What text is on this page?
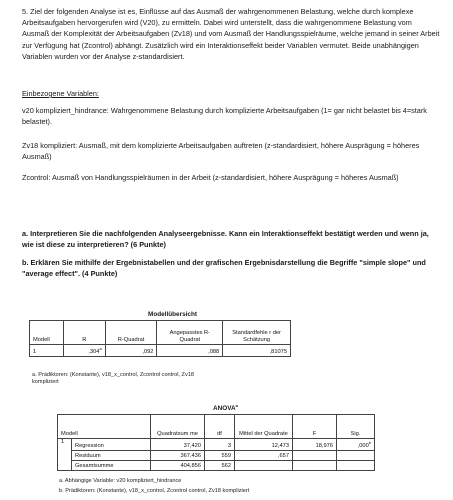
5. Ziel der folgenden Analyse ist es, Einflüsse auf das Ausmaß der wahrgenommenen Belastung, welche durch komplexe Arbeitsaufgaben hervorgerufen wird (V20), zu ermitteln. Dabei wird unterstellt, dass die wahrgenommene Belastung vom Ausmaß der Komplexität der Arbeitsaufgaben (Zv18) und vom Ausmaß der Handlungsspielräume, welche jemand in seiner Arbeit zur Verfügung hat (Zcontrol) abhängt. Zusätzlich wird ein Interaktionseffekt beider Variablen vermutet. Beide unabhängigen Variablen wurden vor der Analyse z-standardisiert.

Einbezogene Variablen:

v20 kompliziert_hindrance: Wahrgenommene Belastung durch komplizierte Arbeitsaufgaben (1= gar nicht belastet bis 4=stark belastet).

Zv18 kompliziert: Ausmaß, mit dem komplizierte Arbeitsaufgaben auftreten (z-standardisiert, höhere Ausprägung = höheres Ausmaß)

Zcontrol: Ausmaß von Handlungsspielräumen in der Arbeit (z-standardisiert, höhere Ausprägung = höheres Ausmaß)

a. Interpretieren Sie die nachfolgenden Analyseergebnisse. Kann ein Interaktionseffekt bestätigt werden und wenn ja, wie ist diese zu interpretieren? (6 Punkte)

b. Erklären Sie mithilfe der Ergebnistabellen und der grafischen Ergebnisdarstellung die Begriffe "simple slope" und "average effect". (4 Punkte)

Modellübersicht
Modell	R	R-Quadrat	Angepasstes R-Quadrat	Standardfehle r der Schätzung
1	,304$^a$	,092	,088	,81075
a. Prädiktoren: (Konstante), v18_x_control, Zcontrol control, Zv18 kompliziert
ANOVA$^a$
Modell		Quadratsum me	df	Mittel der Quadrate	F	Sig.
1	Regression	37,420	3	12,473	18,976	,000$^b$
	Residuum	367,436	559	,657		
	Gesamtsumme	404,856	562			
a. Abhängige Variable: v20 kompliziert_hindrance
b. Prädiktoren: (Konstante), v18_x_control, Zcontrol control, Zv18 kompliziert
